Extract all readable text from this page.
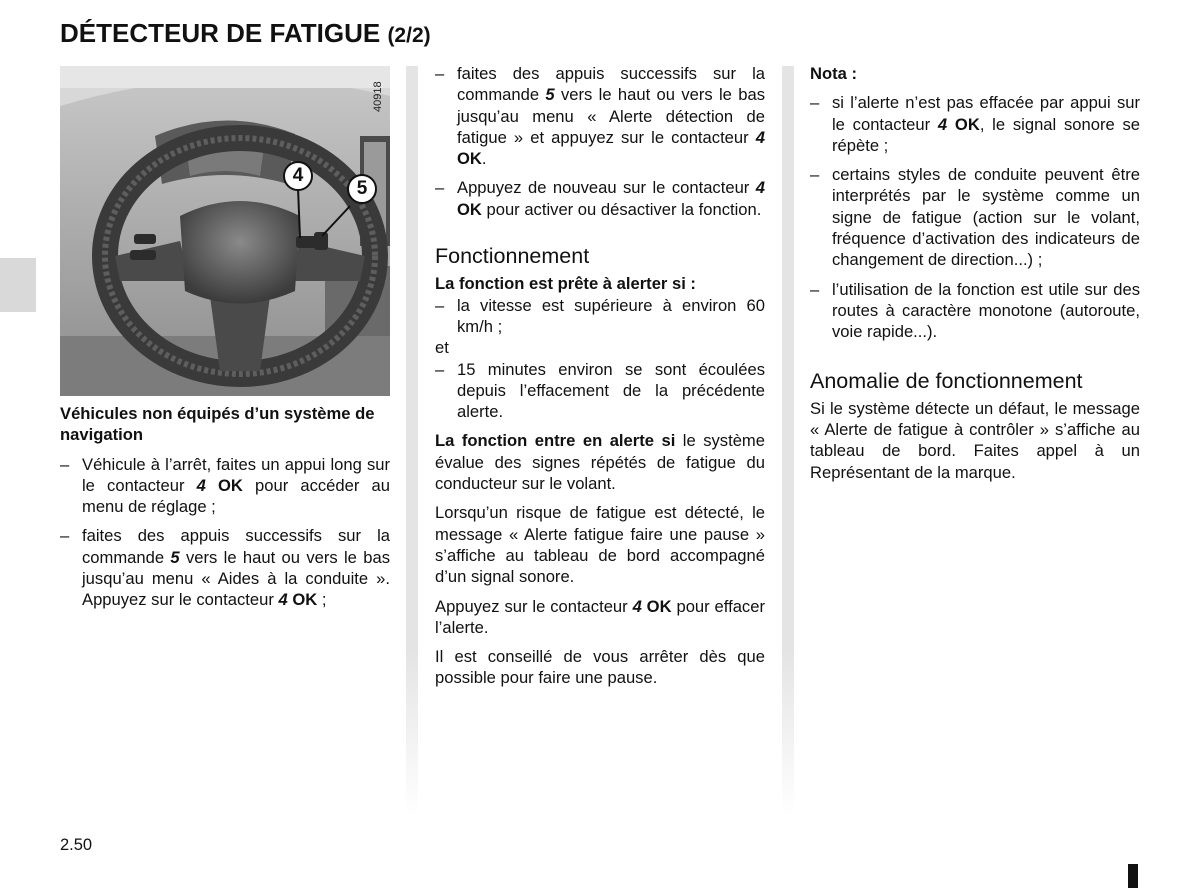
DÉTECTEUR DE FATIGUE (2/2)
40918
4
5

Véhicules non équipés d’un système de navigation

– Véhicule à l’arrêt, faites un appui long sur le contacteur 4 OK pour accéder au menu de réglage ;
– faites des appuis successifs sur la commande 5 vers le haut ou vers le bas jusqu’au menu « Aides à la conduite ». Appuyez sur le contacteur 4 OK ;
– faites des appuis successifs sur la commande 5 vers le haut ou vers le bas jusqu’au menu « Alerte détection de fatigue » et appuyez sur le contacteur 4 OK.
– Appuyez de nouveau sur le contacteur 4 OK pour activer ou désactiver la fonction.
Fonctionnement

La fonction est prête à alerter si :

– la vitesse est supérieure à environ 60 km/h ;

et

– 15 minutes environ se sont écoulées depuis l’effacement de la précédente alerte.

La fonction entre en alerte si le système évalue des signes répétés de fatigue du conducteur sur le volant.

Lorsqu’un risque de fatigue est détecté, le message « Alerte fatigue faire une pause » s’affiche au tableau de bord accompagné d’un signal sonore.

Appuyez sur le contacteur 4 OK pour effacer l’alerte.

Il est conseillé de vous arrêter dès que possible pour faire une pause.

Nota :

– si l’alerte n’est pas effacée par appui sur le contacteur 4 OK, le signal sonore se répète ;
– certains styles de conduite peuvent être interprétés par le système comme un signe de fatigue (action sur le volant, fréquence d’activation des indicateurs de changement de direction...) ;
– l’utilisation de la fonction est utile sur des routes à caractère monotone (autoroute, voie rapide...).
Anomalie de fonctionnement

Si le système détecte un défaut, le message « Alerte de fatigue à contrôler » s’affiche au tableau de bord. Faites appel à un Représentant de la marque.

2.50
